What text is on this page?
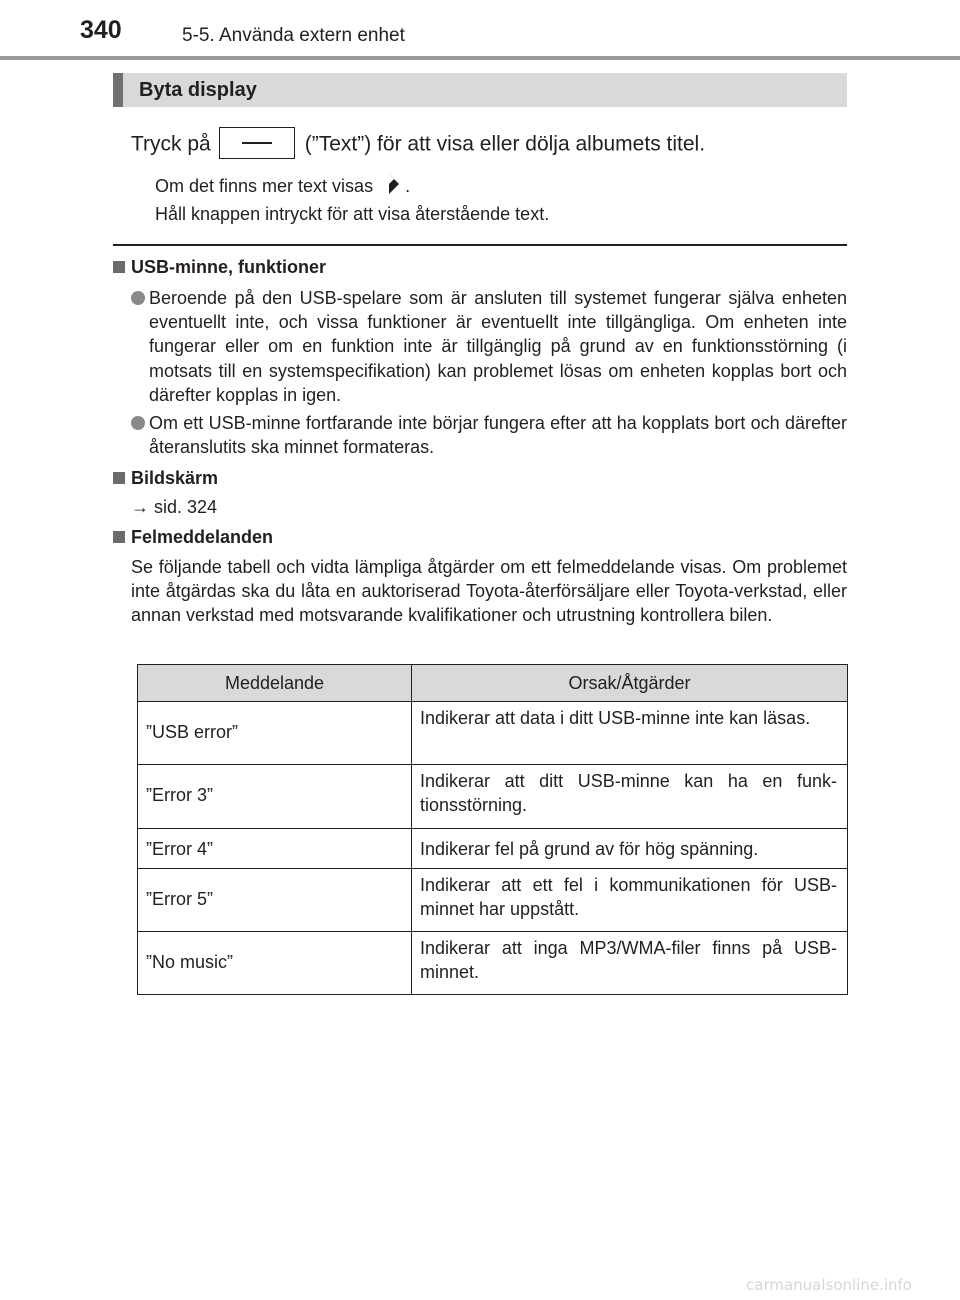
340	5-5. Använda extern enhet
Byta display
Tryck på	(”Text”) för att visa eller dölja albumets titel.
Om det finns mer text visas .
Håll knappen intryckt för att visa återstående text.
USB-minne, funktioner
Beroende på den USB-spelare som är ansluten till systemet fungerar själva enheten eventuellt inte, och vissa funktioner är eventuellt inte tillgängliga. Om enheten inte fungerar eller om en funktion inte är tillgänglig på grund av en funktionsstörning (i motsats till en systemspecifikation) kan problemet lösas om enheten kopplas bort och därefter kopplas in igen.
Om ett USB-minne fortfarande inte börjar fungera efter att ha kopplats bort och därefter återanslutits ska minnet formateras.
Bildskärm
→ sid. 324
Felmeddelanden
Se följande tabell och vidta lämpliga åtgärder om ett felmeddelande visas. Om problemet inte åtgärdas ska du låta en auktoriserad Toyota-återförsäljare eller Toyota-verkstad, eller annan verkstad med motsvarande kvalifikationer och utrustning kontrollera bilen.
Meddelande	Orsak/Åtgärder
”USB error”	Indikerar att data i ditt USB-minne inte kan läsas.
”Error 3”	Indikerar att ditt USB-minne kan ha en funk-tionsstörning.
”Error 4”	Indikerar fel på grund av för hög spänning.
”Error 5”	Indikerar att ett fel i kommunikationen för USB-minnet har uppstått.
”No music”	Indikerar att inga MP3/WMA-filer finns på USB-minnet.
carmanualsonline.info
